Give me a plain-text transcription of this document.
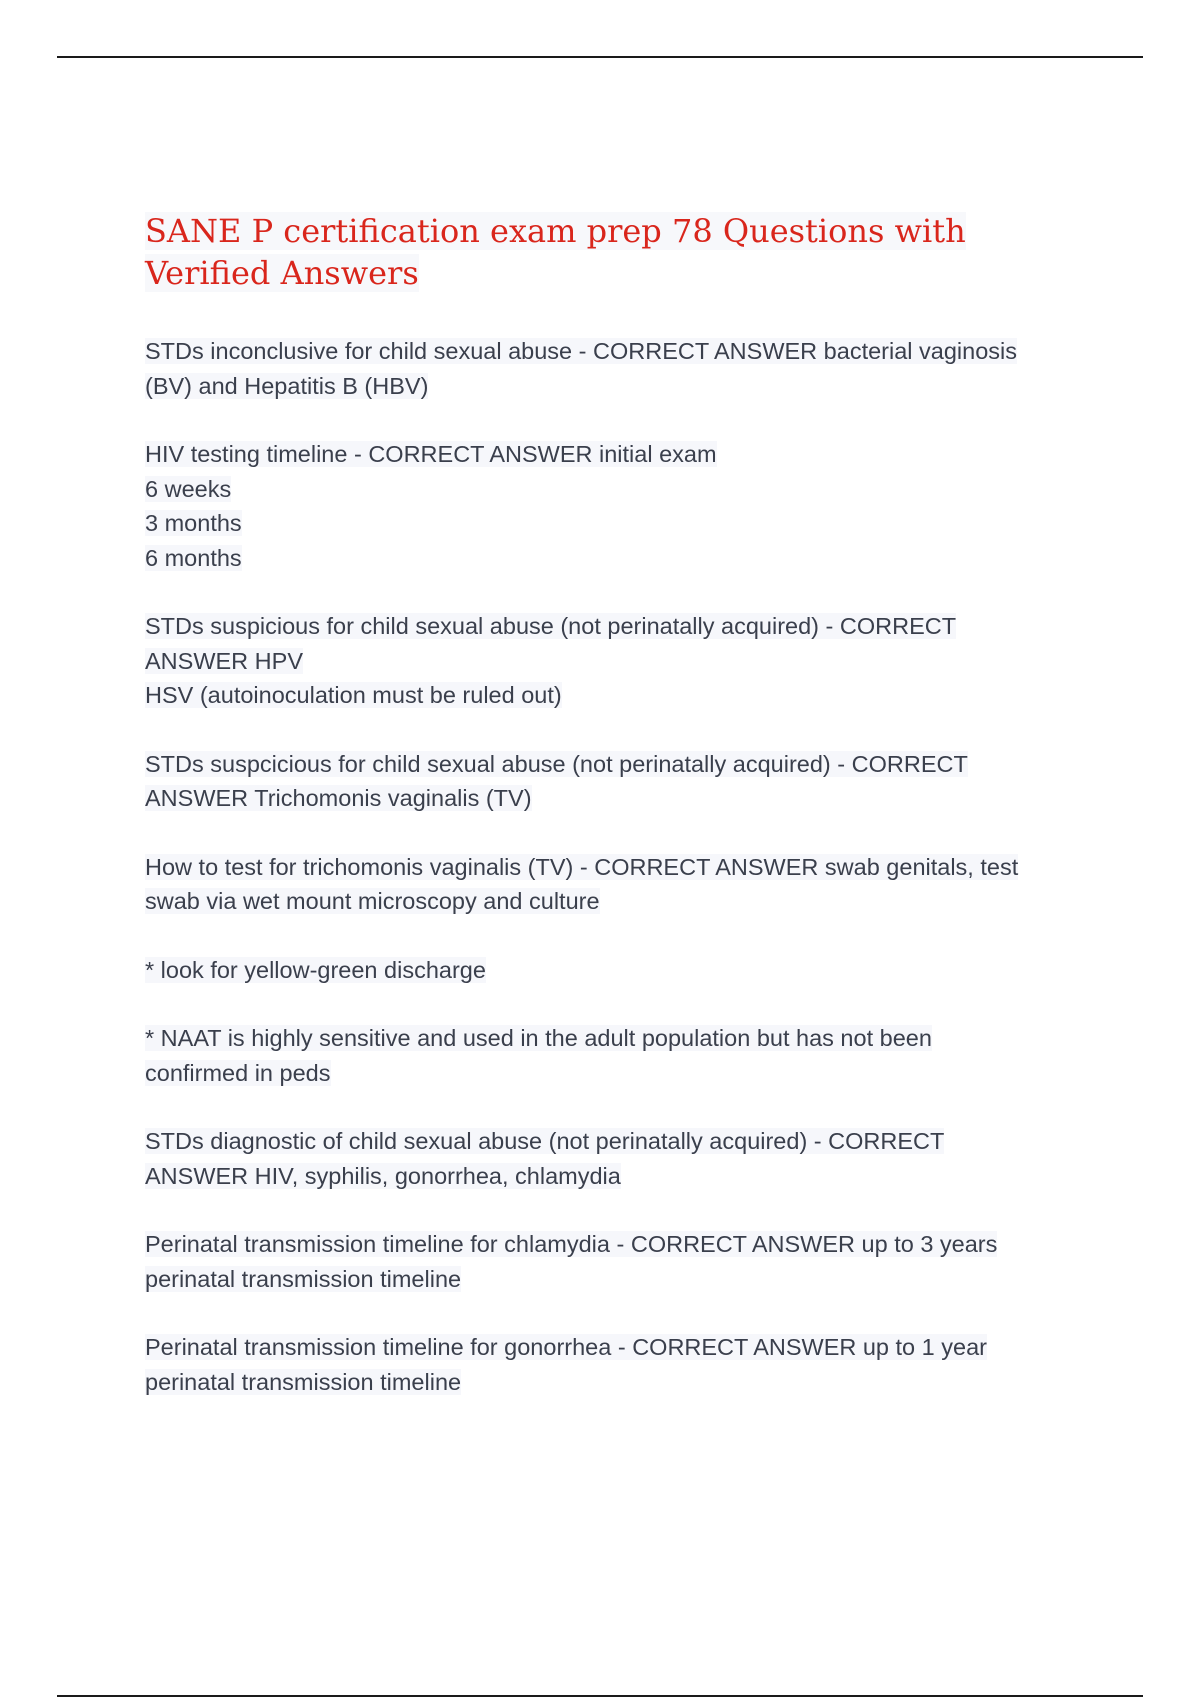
SANE P certification exam prep 78 Questions with Verified Answers
STDs inconclusive for child sexual abuse - CORRECT ANSWER bacterial vaginosis
(BV) and Hepatitis B (HBV)
HIV testing timeline - CORRECT ANSWER initial exam
6 weeks
3 months
6 months
STDs suspicious for child sexual abuse (not perinatally acquired) - CORRECT
ANSWER HPV
HSV (autoinoculation must be ruled out)
STDs suspcicious for child sexual abuse (not perinatally acquired) - CORRECT
ANSWER Trichomonis vaginalis (TV)
How to test for trichomonis vaginalis (TV) - CORRECT ANSWER swab genitals, test
swab via wet mount microscopy and culture
* look for yellow-green discharge
* NAAT is highly sensitive and used in the adult population but has not been
confirmed in peds
STDs diagnostic of child sexual abuse (not perinatally acquired) - CORRECT
ANSWER HIV, syphilis, gonorrhea, chlamydia
Perinatal transmission timeline for chlamydia - CORRECT ANSWER up to 3 years
perinatal transmission timeline
Perinatal transmission timeline for gonorrhea - CORRECT ANSWER up to 1 year
perinatal transmission timeline
